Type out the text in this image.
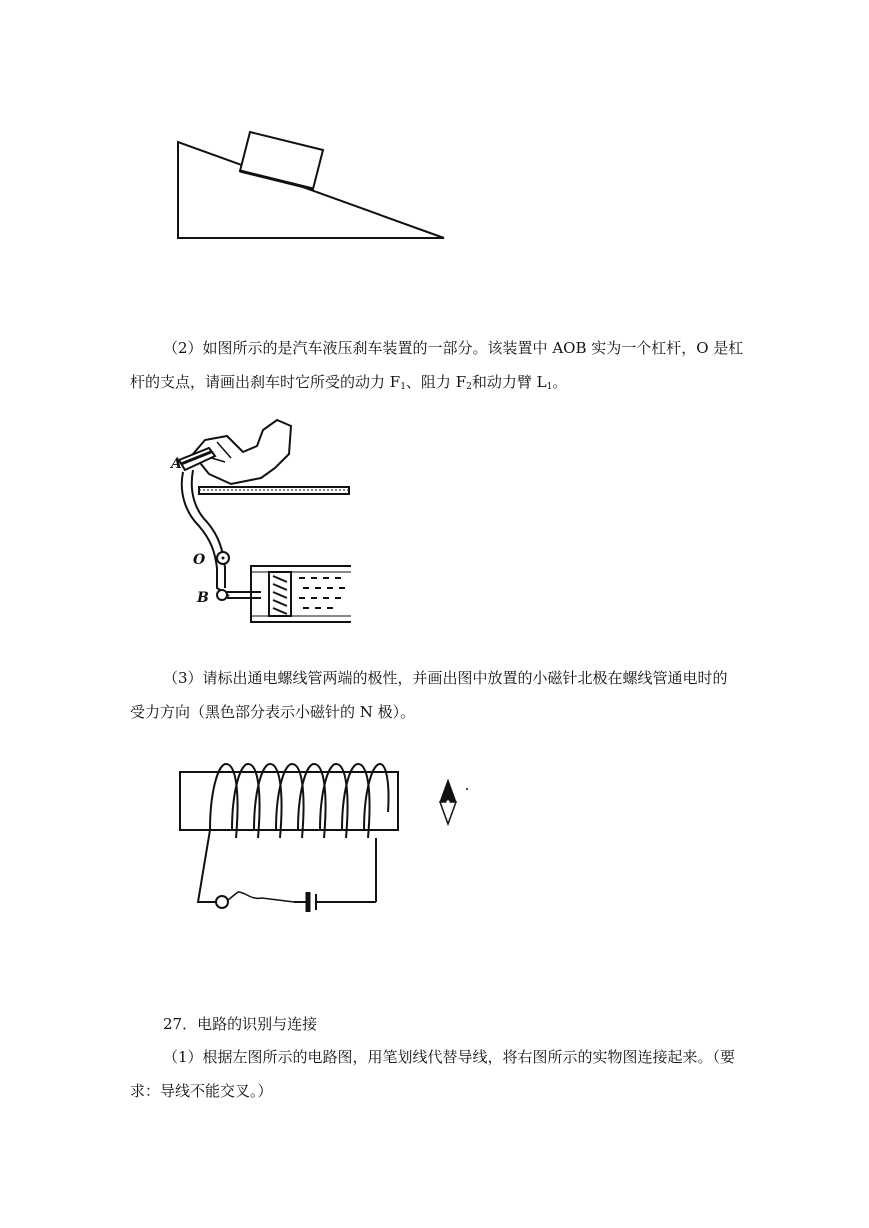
（2）如图所示的是汽车液压刹车装置的一部分。该装置中 AOB 实为一个杠杆，O 是杠
杆的支点，请画出刹车时它所受的动力 $F_1$、阻力 $F_2$和动力臂 $L_1$。

A
O
B

（3）请标出通电螺线管两端的极性，并画出图中放置的小磁针北极在螺线管通电时的
受力方向（黑色部分表示小磁针的 N 极）。

27．电路的识别与连接

（1）根据左图所示的电路图，用笔划线代替导线，将右图所示的实物图连接起来。（要
求：导线不能交叉。）
